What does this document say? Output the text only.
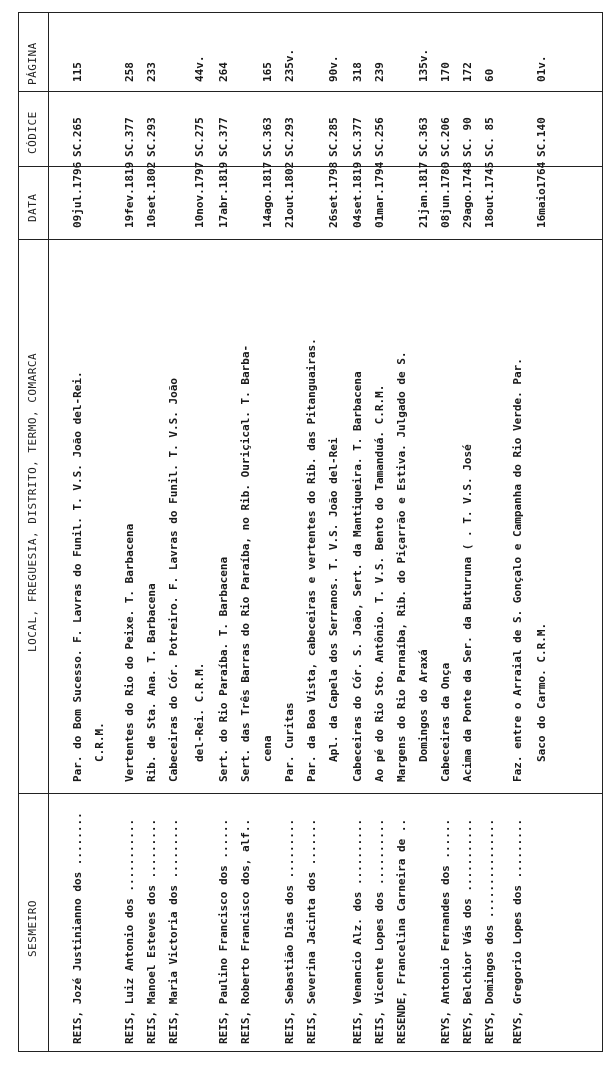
SESMEIRO
LOCAL, FREGUESIA, DISTRITO, TERMO, COMARCA
DATA
CÓDICE
PÁGINA
REIS, Jozé Justinianno dos ........
Par. do Bom Sucesso. F. Lavras do Funil. T. V.S. João del-Rei.
09jul.1796
SC.265
115
C.R.M.
REIS, Luiz Antonio dos ...........
Vertentes do Rio do Peixe. T. Barbacena
19fev.1819
SC.377
258
REIS, Manoel Esteves dos .........
Rib. de Sta. Ana. T. Barbacena
10set.1802
SC.293
233
REIS, Maria Victoria dos .........
Cabeceiras do Cór. Potreiro. F. Lavras do Funil. T. V.S. João	del-Rei. C.R.M.
10nov.1797
SC.275
44v.
REIS, Paulino Francisco dos ......
Sert. do Rio Paraíba. T. Barbacena
17abr.1819
SC.377
264
REIS, Roberto Francisco dos, alf..
Sert. das Três Barras do Rio Paraíba, no Rib. Ouriçical. T. Barba- cena
14ago.1817
SC.363
165
REIS, Sebastião Dias dos .........
Par. Curitas
21out.1802
SC.293
235v.
REIS, Severina Jacinta dos .......
Par. da Boa Vista, cabeceiras e vertentes do Rib. das Pitanguairas. Apl. da Capela dos Serranos. T. V.S. João del-Rei
26set.1798
SC.285
90v.
REIS, Venancio Alz. dos ..........
Cabeceiras do Cór. S. João, Sert. da Mantiqueira. T. Barbacena
04set.1819
SC.377
318
REIS, Vicente Lopes dos ..........
Ao pé do Rio Sto. Antônio. T. V.S. Bento do Tamanduá. C.R.M.
01mar.1794
SC.256
239
RESENDE, Francelina Carneira de ..
Margens do Rio Parnaíba, Rib. do Piçarrão e Estiva. Julgado de S. Domingos do Araxá
21jan.1817
SC.363
135v.
REYS, Antonio Fernandes dos ......
Cabeceiras da Onça
08jun.1780
SC.206
170
REYS, Belchior Vás dos ...........
Acima da Ponte da Ser. da Buturuna ( . T. V.S. José
29ago.1748
SC. 90
172
REYS, Domingos dos ...............
18out.1745
SC. 85
60
REYS, Gregorio Lopes dos .........
Faz. entre o Arraial de S. Gonçalo e Campanha do Rio Verde. Par.	Saco do Carmo. C.R.M.
16maio1764
SC.140
01v.
